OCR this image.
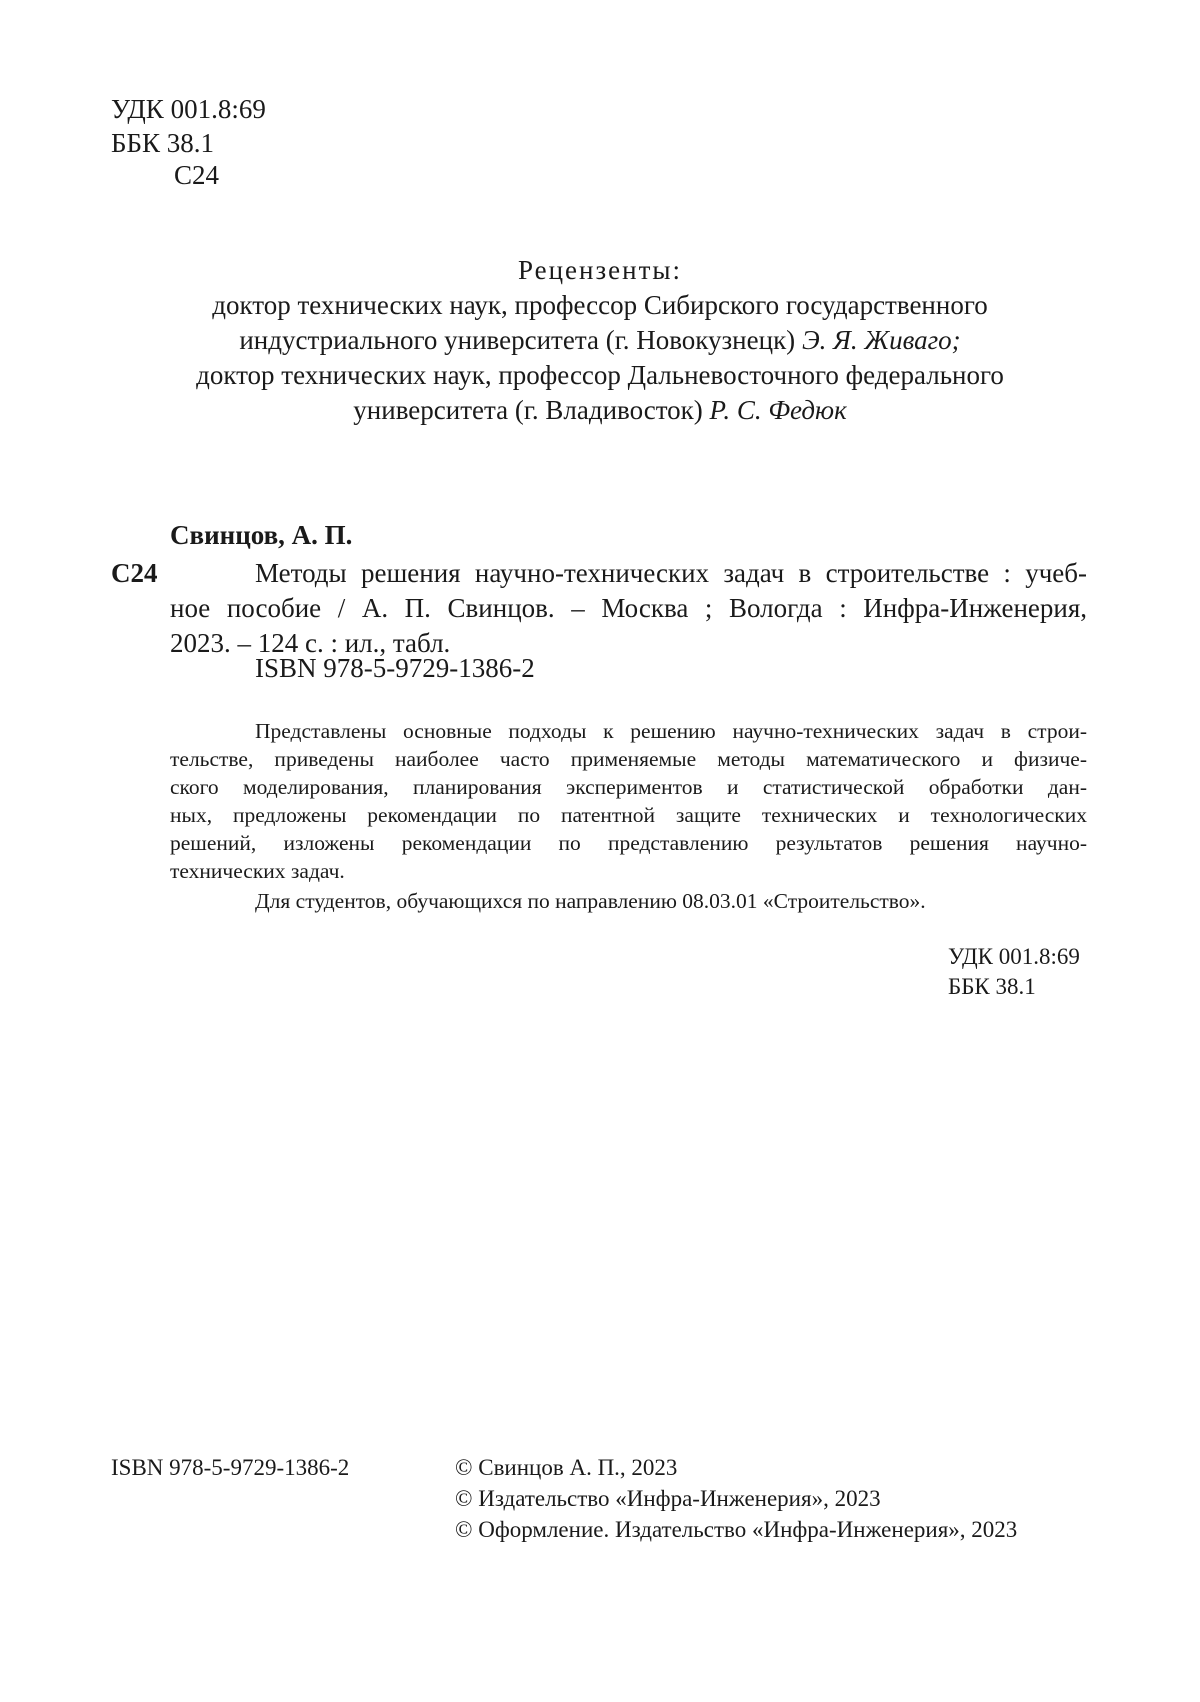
УДК 001.8:69
ББК 38.1
С24
Рецензенты:
доктор технических наук, профессор Сибирского государственного
индустриального университета (г. Новокузнецк) Э. Я. Живаго;
доктор технических наук, профессор Дальневосточного федерального
университета (г. Владивосток) Р. С. Федюк
Свинцов, А. П.
С24	Методы решения научно-технических задач в строительстве : учеб-
ное пособие / А. П. Свинцов. – Москва ; Вологда : Инфра-Инженерия,
2023. – 124 с. : ил., табл.
ISBN 978-5-9729-1386-2
Представлены основные подходы к решению научно-технических задач в строи-
тельстве, приведены наиболее часто применяемые методы математического и физиче-
ского моделирования, планирования экспериментов и статистической обработки дан-
ных, предложены рекомендации по патентной защите технических и технологических
решений, изложены рекомендации по представлению результатов решения научно-
технических задач.
Для студентов, обучающихся по направлению 08.03.01 «Строительство».
УДК 001.8:69
ББК 38.1
ISBN 978-5-9729-1386-2	© Свинцов А. П., 2023
© Издательство «Инфра-Инженерия», 2023
© Оформление. Издательство «Инфра-Инженерия», 2023
